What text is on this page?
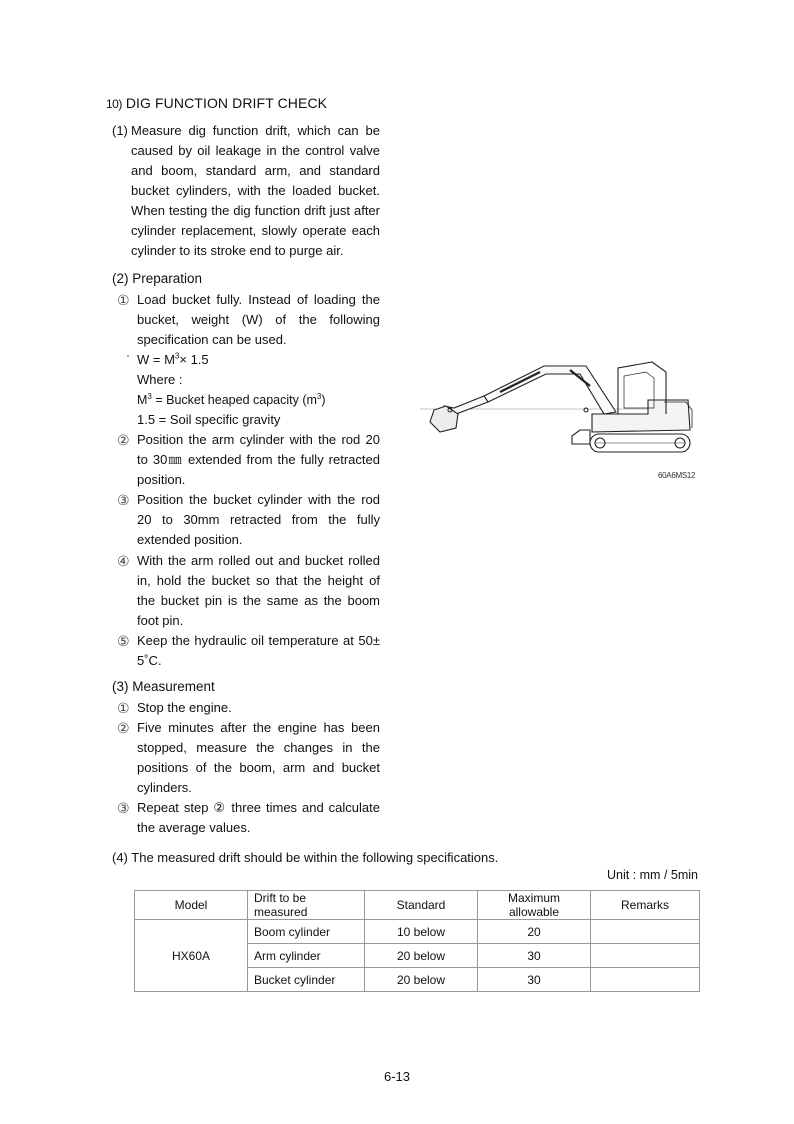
10) DIG FUNCTION DRIFT CHECK
(1) Measure dig function drift, which can be caused by oil leakage in the control valve and boom, standard arm, and standard bucket cylinders, with the loaded bucket. When testing the dig function drift just after cylinder replacement, slowly operate each cylinder to its stroke end to purge air.
(2) Preparation
① Load bucket fully. Instead of loading the bucket, weight (W) of the following specification can be used.
· $W = M^3\times 1.5$
Where :
$M^3$ = Bucket heaped capacity $(m^3)$
1.5 = Soil specific gravity
② Position the arm cylinder with the rod 20 to 30㎜ extended from the fully retracted position.
③ Position the bucket cylinder with the rod 20 to 30mm retracted from the fully extended position.
④ With the arm rolled out and bucket rolled in, hold the bucket so that the height of the bucket pin is the same as the boom foot pin.
⑤ Keep the hydraulic oil temperature at 50± 5˚C.
60A6MS12
(3) Measurement
① Stop the engine.
② Five minutes after the engine has been stopped, measure the changes in the positions of the boom, arm and bucket cylinders.
③ Repeat step ② three times and calculate the average values.
(4) The measured drift should be within the following specifications.
Unit : mm / 5min
Model	Drift to be measured	Standard	Maximum allowable	Remarks
HX60A	Boom cylinder	10 below	20	
	Arm cylinder	20 below	30	
	Bucket cylinder	20 below	30	
6-13
